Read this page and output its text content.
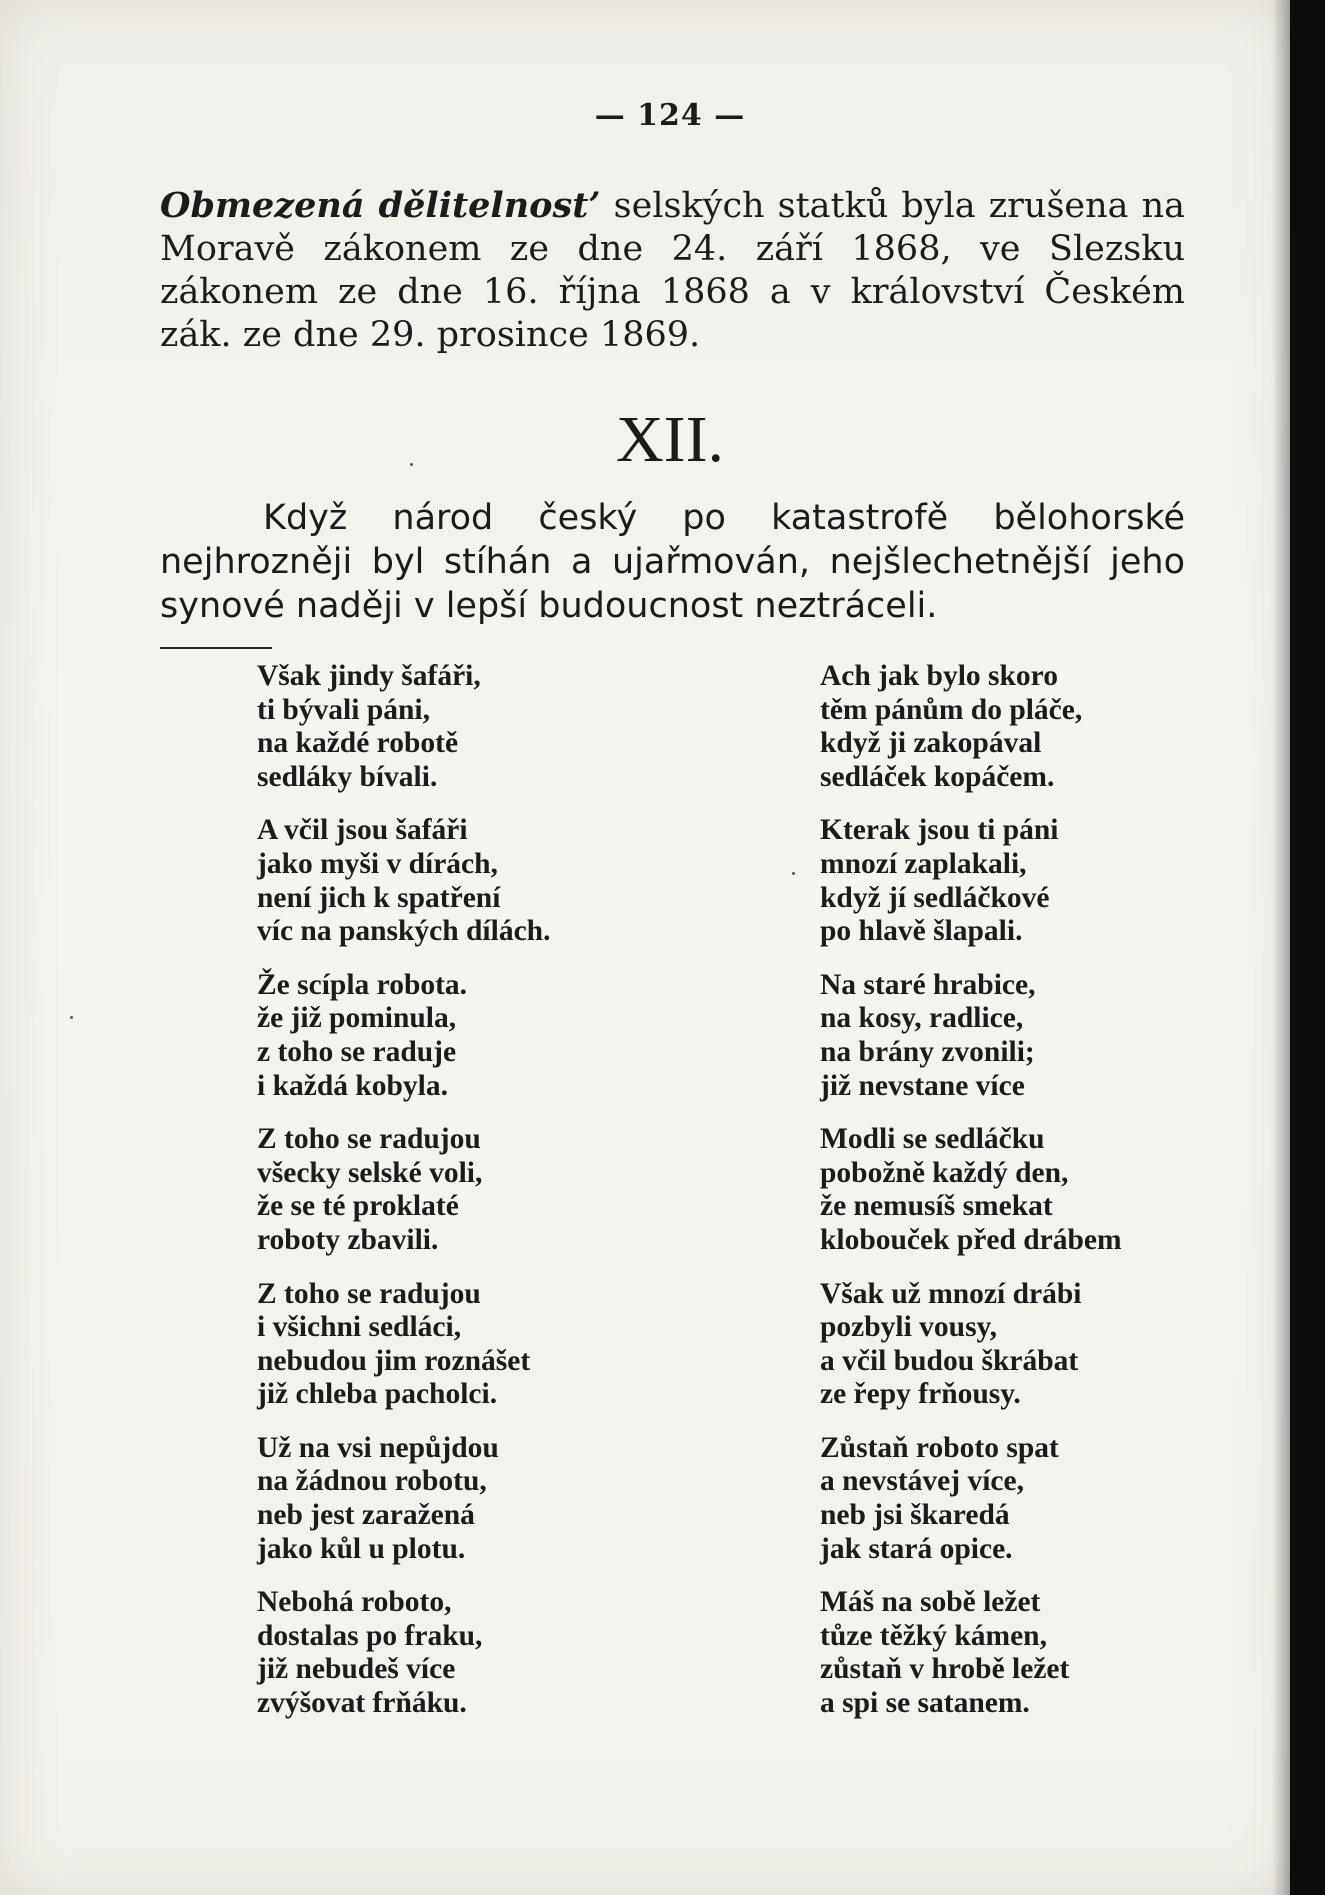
— 124 —
Obmezená dělitelnost’ selských statků byla zrušena na Moravě zákonem ze dne 24. září 1868, ve Slezsku zákonem ze dne 16. října 1868 a v království Českém zák. ze dne 29. prosince 1869.
XII.
Když národ český po katastrofě bělohorské nejhrozněji byl stíhán a ujařmován, nejšlechetnější jeho synové naději v lepší budoucnost neztráceli.
Však jindy šafáři,
ti bývali páni,
na každé robotě
sedláky bívali.
A včil jsou šafáři
jako myši v dírách,
není jich k spatření
víc na panských dílách.
Že scípla robota.
že již pominula,
z toho se raduje
i každá kobyla.
Z toho se radujou
všecky selské voli,
že se té proklaté
roboty zbavili.
Z toho se radujou
i všichni sedláci,
nebudou jim roznášet
již chleba pacholci.
Už na vsi nepůjdou
na žádnou robotu,
neb jest zaražená
jako kůl u plotu.
Nebohá roboto,
dostalas po fraku,
již nebudeš více
zvýšovat frňáku.
Ach jak bylo skoro
těm pánům do pláče,
když ji zakopával
sedláček kopáčem.
Kterak jsou ti páni
mnozí zaplakali,
když jí sedláčkové
po hlavě šlapali.
Na staré hrabice,
na kosy, radlice,
na brány zvonili;
již nevstane více
Modli se sedláčku
pobožně každý den,
že nemusíš smekat
klobouček před drábem
Však už mnozí drábi
pozbyli vousy,
a včil budou škrábat
ze řepy frňousy.
Zůstaň roboto spat
a nevstávej více,
neb jsi škaredá
jak stará opice.
Máš na sobě ležet
tůze těžký kámen,
zůstaň v hrobě ležet
a spi se satanem.
